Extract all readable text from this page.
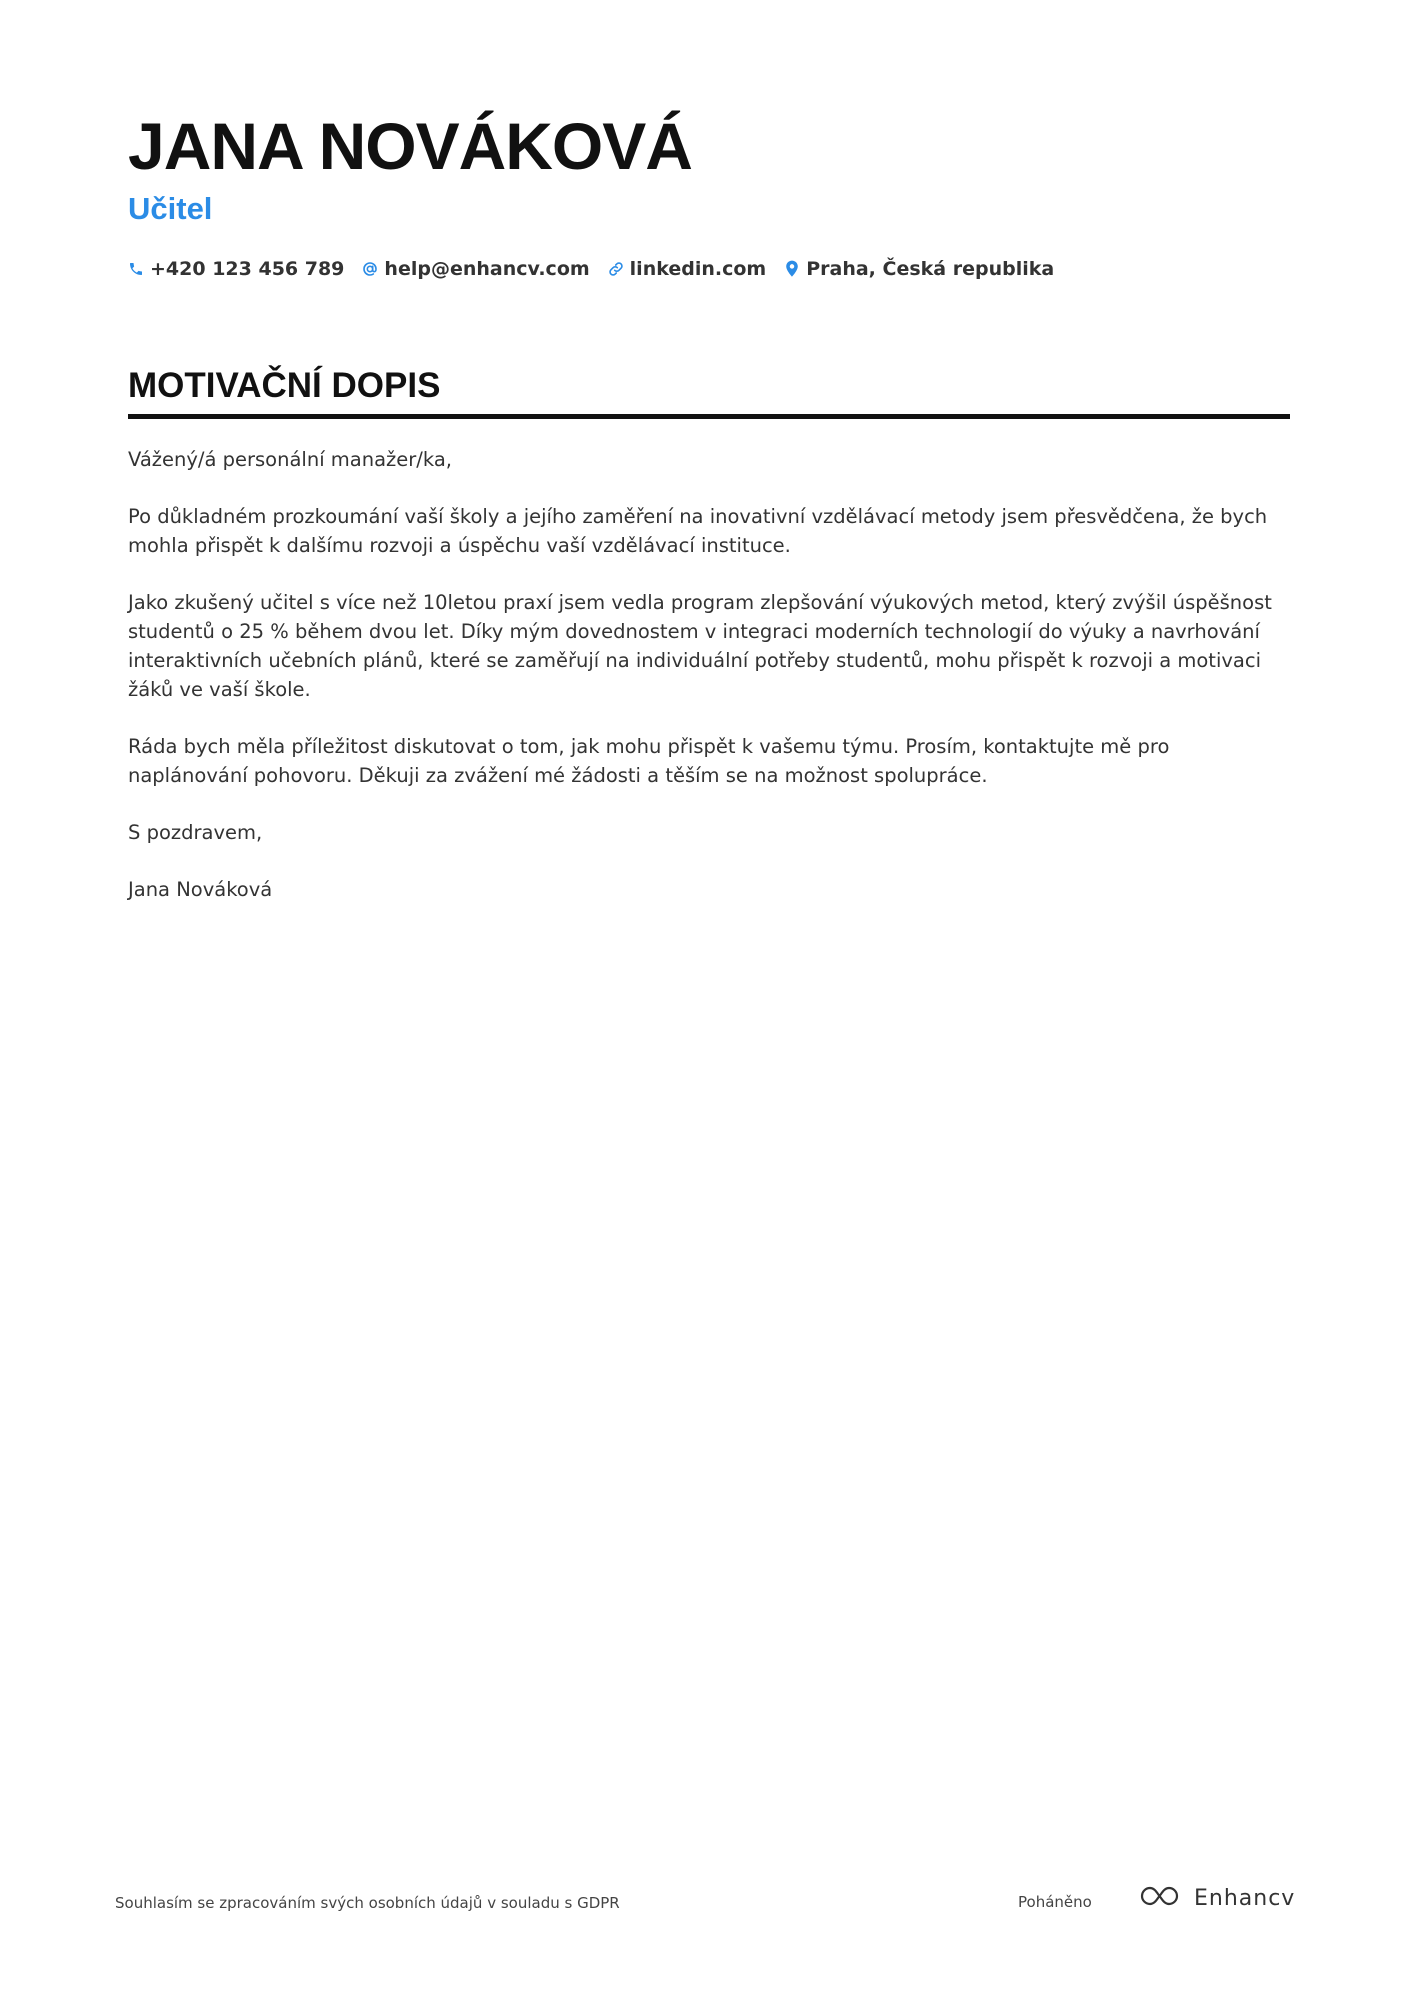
JANA NOVÁKOVÁ
Učitel
+420 123 456 789 help@enhancv.com linkedin.com Praha, Česká republika
MOTIVAČNÍ DOPIS

Vážený/á personální manažer/ka,

Po důkladném prozkoumání vaší školy a jejího zaměření na inovativní vzdělávací metody jsem přesvědčena, že bych mohla přispět k dalšímu rozvoji a úspěchu vaší vzdělávací instituce.

Jako zkušený učitel s více než 10letou praxí jsem vedla program zlepšování výukových metod, který zvýšil úspěšnost studentů o 25 % během dvou let. Díky mým dovednostem v integraci moderních technologií do výuky a navrhování interaktivních učebních plánů, které se zaměřují na individuální potřeby studentů, mohu přispět k rozvoji a motivaci žáků ve vaší škole.

Ráda bych měla příležitost diskutovat o tom, jak mohu přispět k vašemu týmu. Prosím, kontaktujte mě pro naplánování pohovoru. Děkuji za zvážení mé žádosti a těším se na možnost spolupráce.

S pozdravem,

Jana Nováková

Souhlasím se zpracováním svých osobních údajů v souladu s GDPR	Poháněno	Enhancv
